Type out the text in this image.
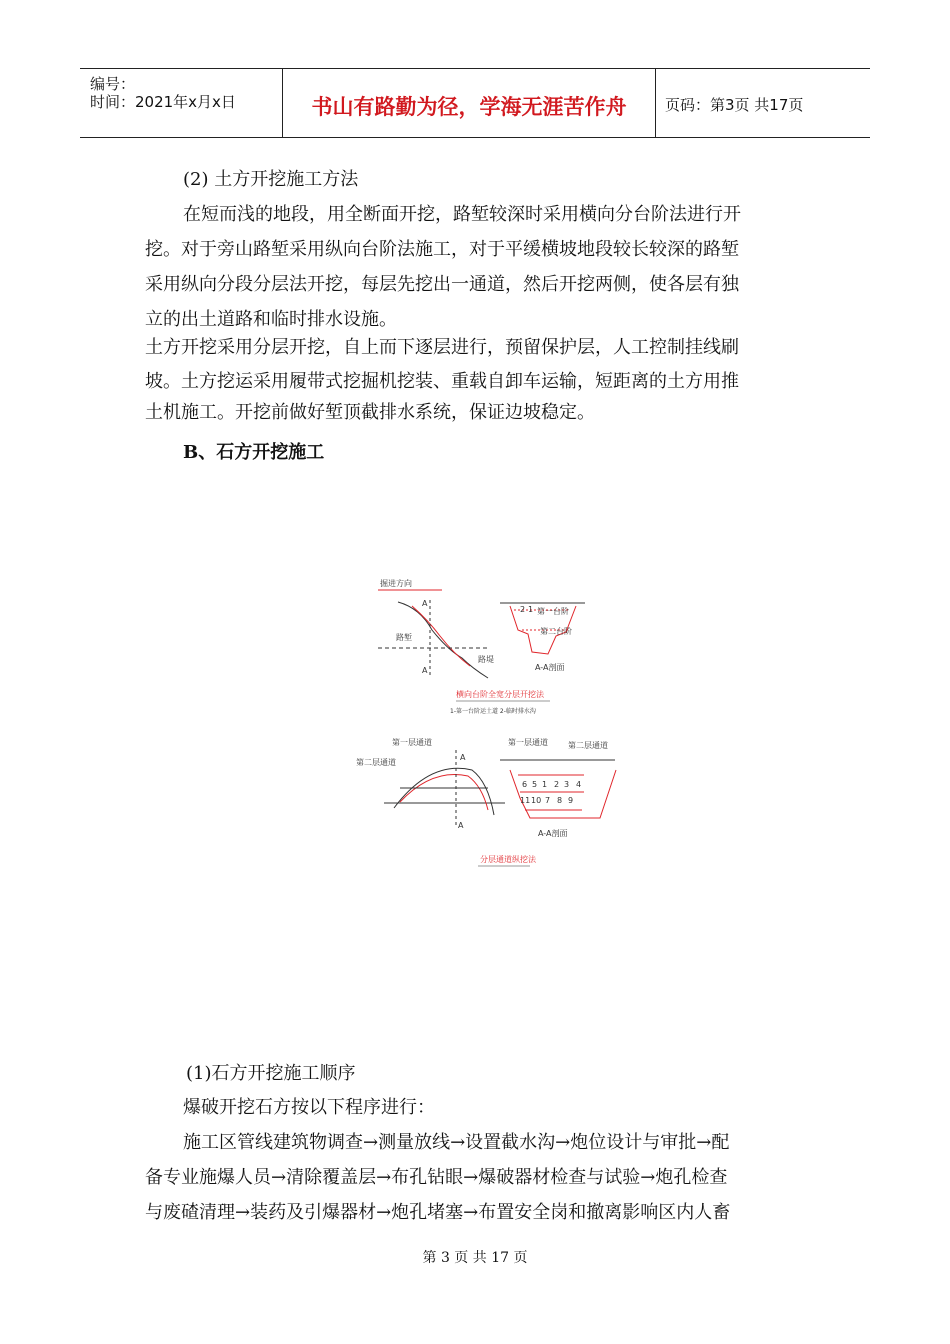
编号：
时间：2021年x月x日	书山有路勤为径，学海无涯苦作舟	页码：第3页 共17页
(2) 土方开挖施工方法
在短而浅的地段，用全断面开挖，路堑较深时采用横向分台阶法进行开
挖。对于旁山路堑采用纵向台阶法施工，对于平缓横坡地段较长较深的路堑
采用纵向分段分层法开挖，每层先挖出一通道，然后开挖两侧，使各层有独
立的出土道路和临时排水设施。
土方开挖采用分层开挖，自上而下逐层进行，预留保护层，人工控制挂线刷
坡。土方挖运采用履带式挖掘机挖装、重载自卸车运输，短距离的土方用推
土机施工。开挖前做好堑顶截排水系统，保证边坡稳定。
B、石方开挖施工
掘进方向
A
路堑
路堤
A
2 1 第一台阶
第二台阶
A-A剖面
横向台阶全宽分层开挖法
1-第一台阶运土道 2-临时排水沟
第一层通道
第二层通道
A
A
第一层通道	第二层通道
6 5 1 2 3 4
11 10 7 8 9
A-A剖面
分层通道纵挖法
(1)石方开挖施工顺序
爆破开挖石方按以下程序进行：
施工区管线建筑物调查→测量放线→设置截水沟→炮位设计与审批→配
备专业施爆人员→清除覆盖层→布孔钻眼→爆破器材检查与试验→炮孔检查
与废碴清理→装药及引爆器材→炮孔堵塞→布置安全岗和撤离影响区内人畜
第 3 页 共 17 页
